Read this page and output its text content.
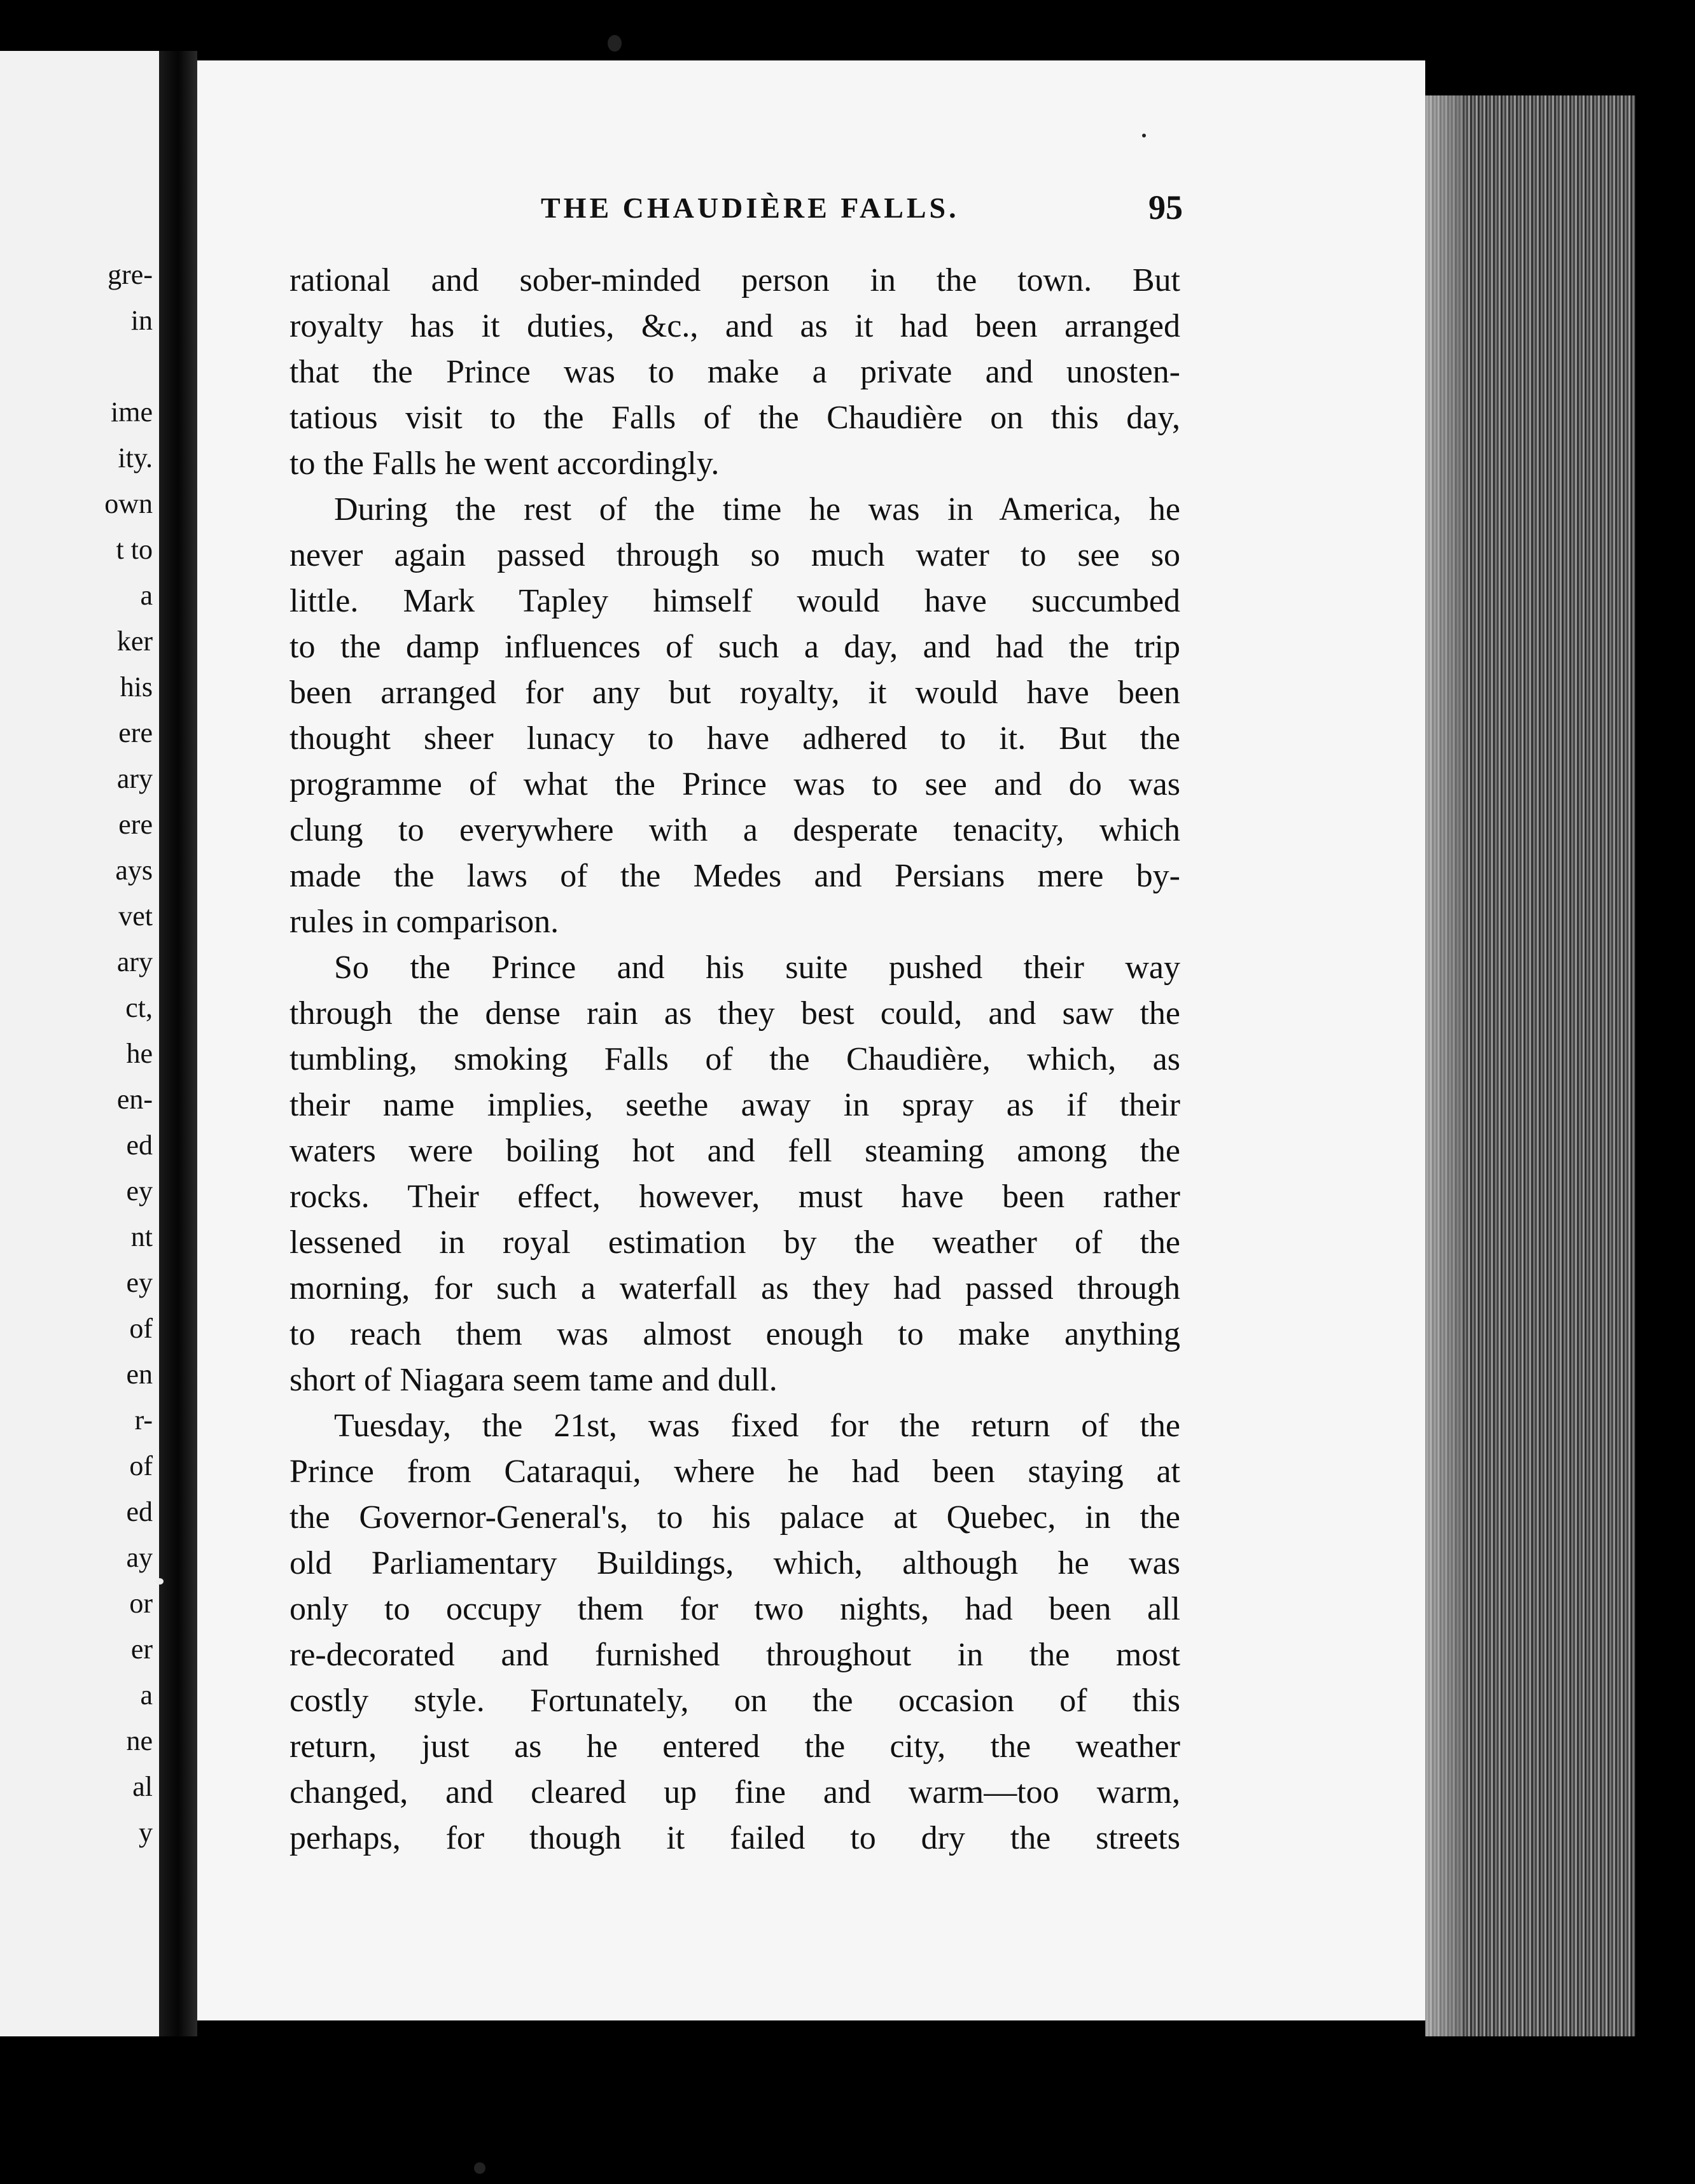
gre-
in
ime
ity.
own
t to
a
ker
his
ere
ary
ere
ays
vet
ary
ct,
he
en-
ed
ey
nt
ey
of
en
r-
of
ed
ay
or
er
a
ne
al
y
THE CHAUDIÈRE FALLS.	95
rational and sober-minded person in the town. But
royalty has it duties, &c., and as it had been arranged
that the Prince was to make a private and unosten-
tatious visit to the Falls of the Chaudière on this day,
to the Falls he went accordingly.
During the rest of the time he was in America, he
never again passed through so much water to see so
little. Mark Tapley himself would have succumbed
to the damp influences of such a day, and had the trip
been arranged for any but royalty, it would have been
thought sheer lunacy to have adhered to it. But the
programme of what the Prince was to see and do was
clung to everywhere with a desperate tenacity, which
made the laws of the Medes and Persians mere by-
rules in comparison.
So the Prince and his suite pushed their way
through the dense rain as they best could, and saw the
tumbling, smoking Falls of the Chaudière, which, as
their name implies, seethe away in spray as if their
waters were boiling hot and fell steaming among the
rocks. Their effect, however, must have been rather
lessened in royal estimation by the weather of the
morning, for such a waterfall as they had passed through
to reach them was almost enough to make anything
short of Niagara seem tame and dull.
Tuesday, the 21st, was fixed for the return of the
Prince from Cataraqui, where he had been staying at
the Governor-General's, to his palace at Quebec, in the
old Parliamentary Buildings, which, although he was
only to occupy them for two nights, had been all
re-decorated and furnished throughout in the most
costly style. Fortunately, on the occasion of this
return, just as he entered the city, the weather
changed, and cleared up fine and warm—too warm,
perhaps, for though it failed to dry the streets
